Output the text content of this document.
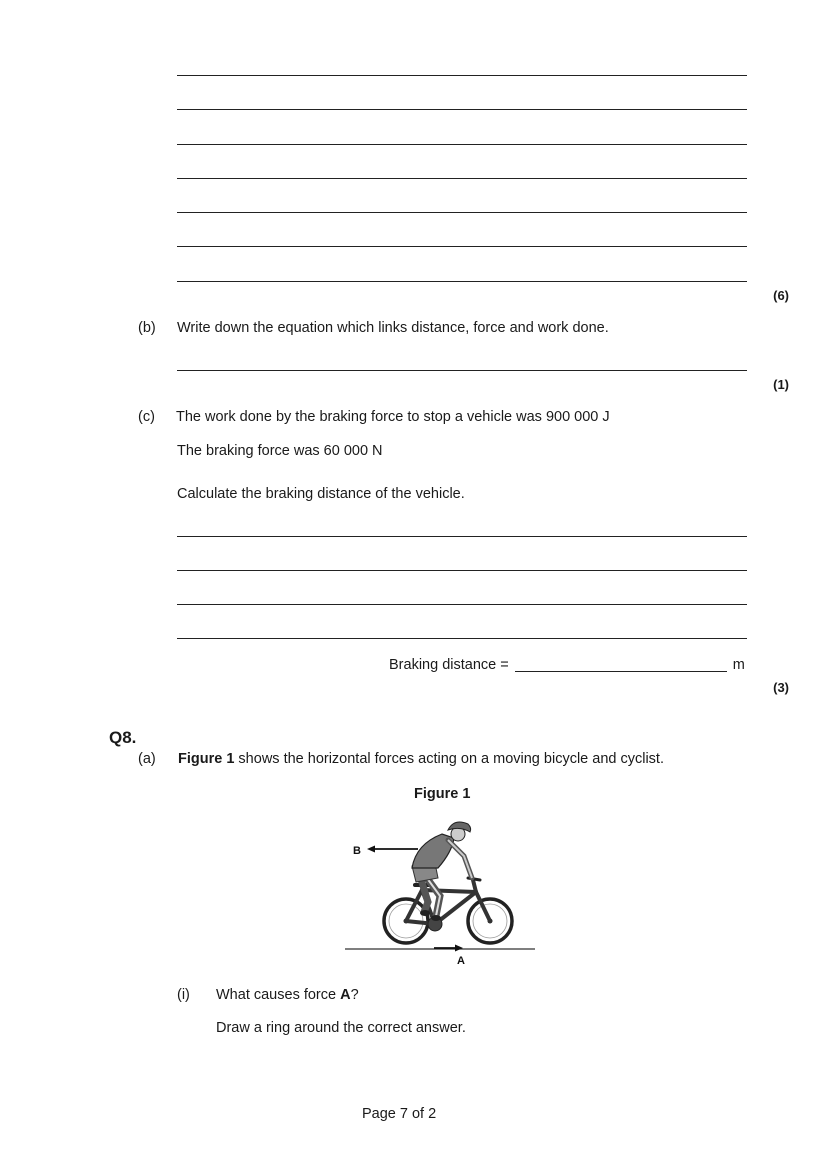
(6)
(b) Write down the equation which links distance, force and work done.
(1)
(c) The work done by the braking force to stop a vehicle was 900 000 J
The braking force was 60 000 N
Calculate the braking distance of the vehicle.
Braking distance =	m
(3)
Q8.
(a) Figure 1 shows the horizontal forces acting on a moving bicycle and cyclist.
Figure 1
B
A
(i) What causes force A?
Draw a ring around the correct answer.
Page 7 of 2
